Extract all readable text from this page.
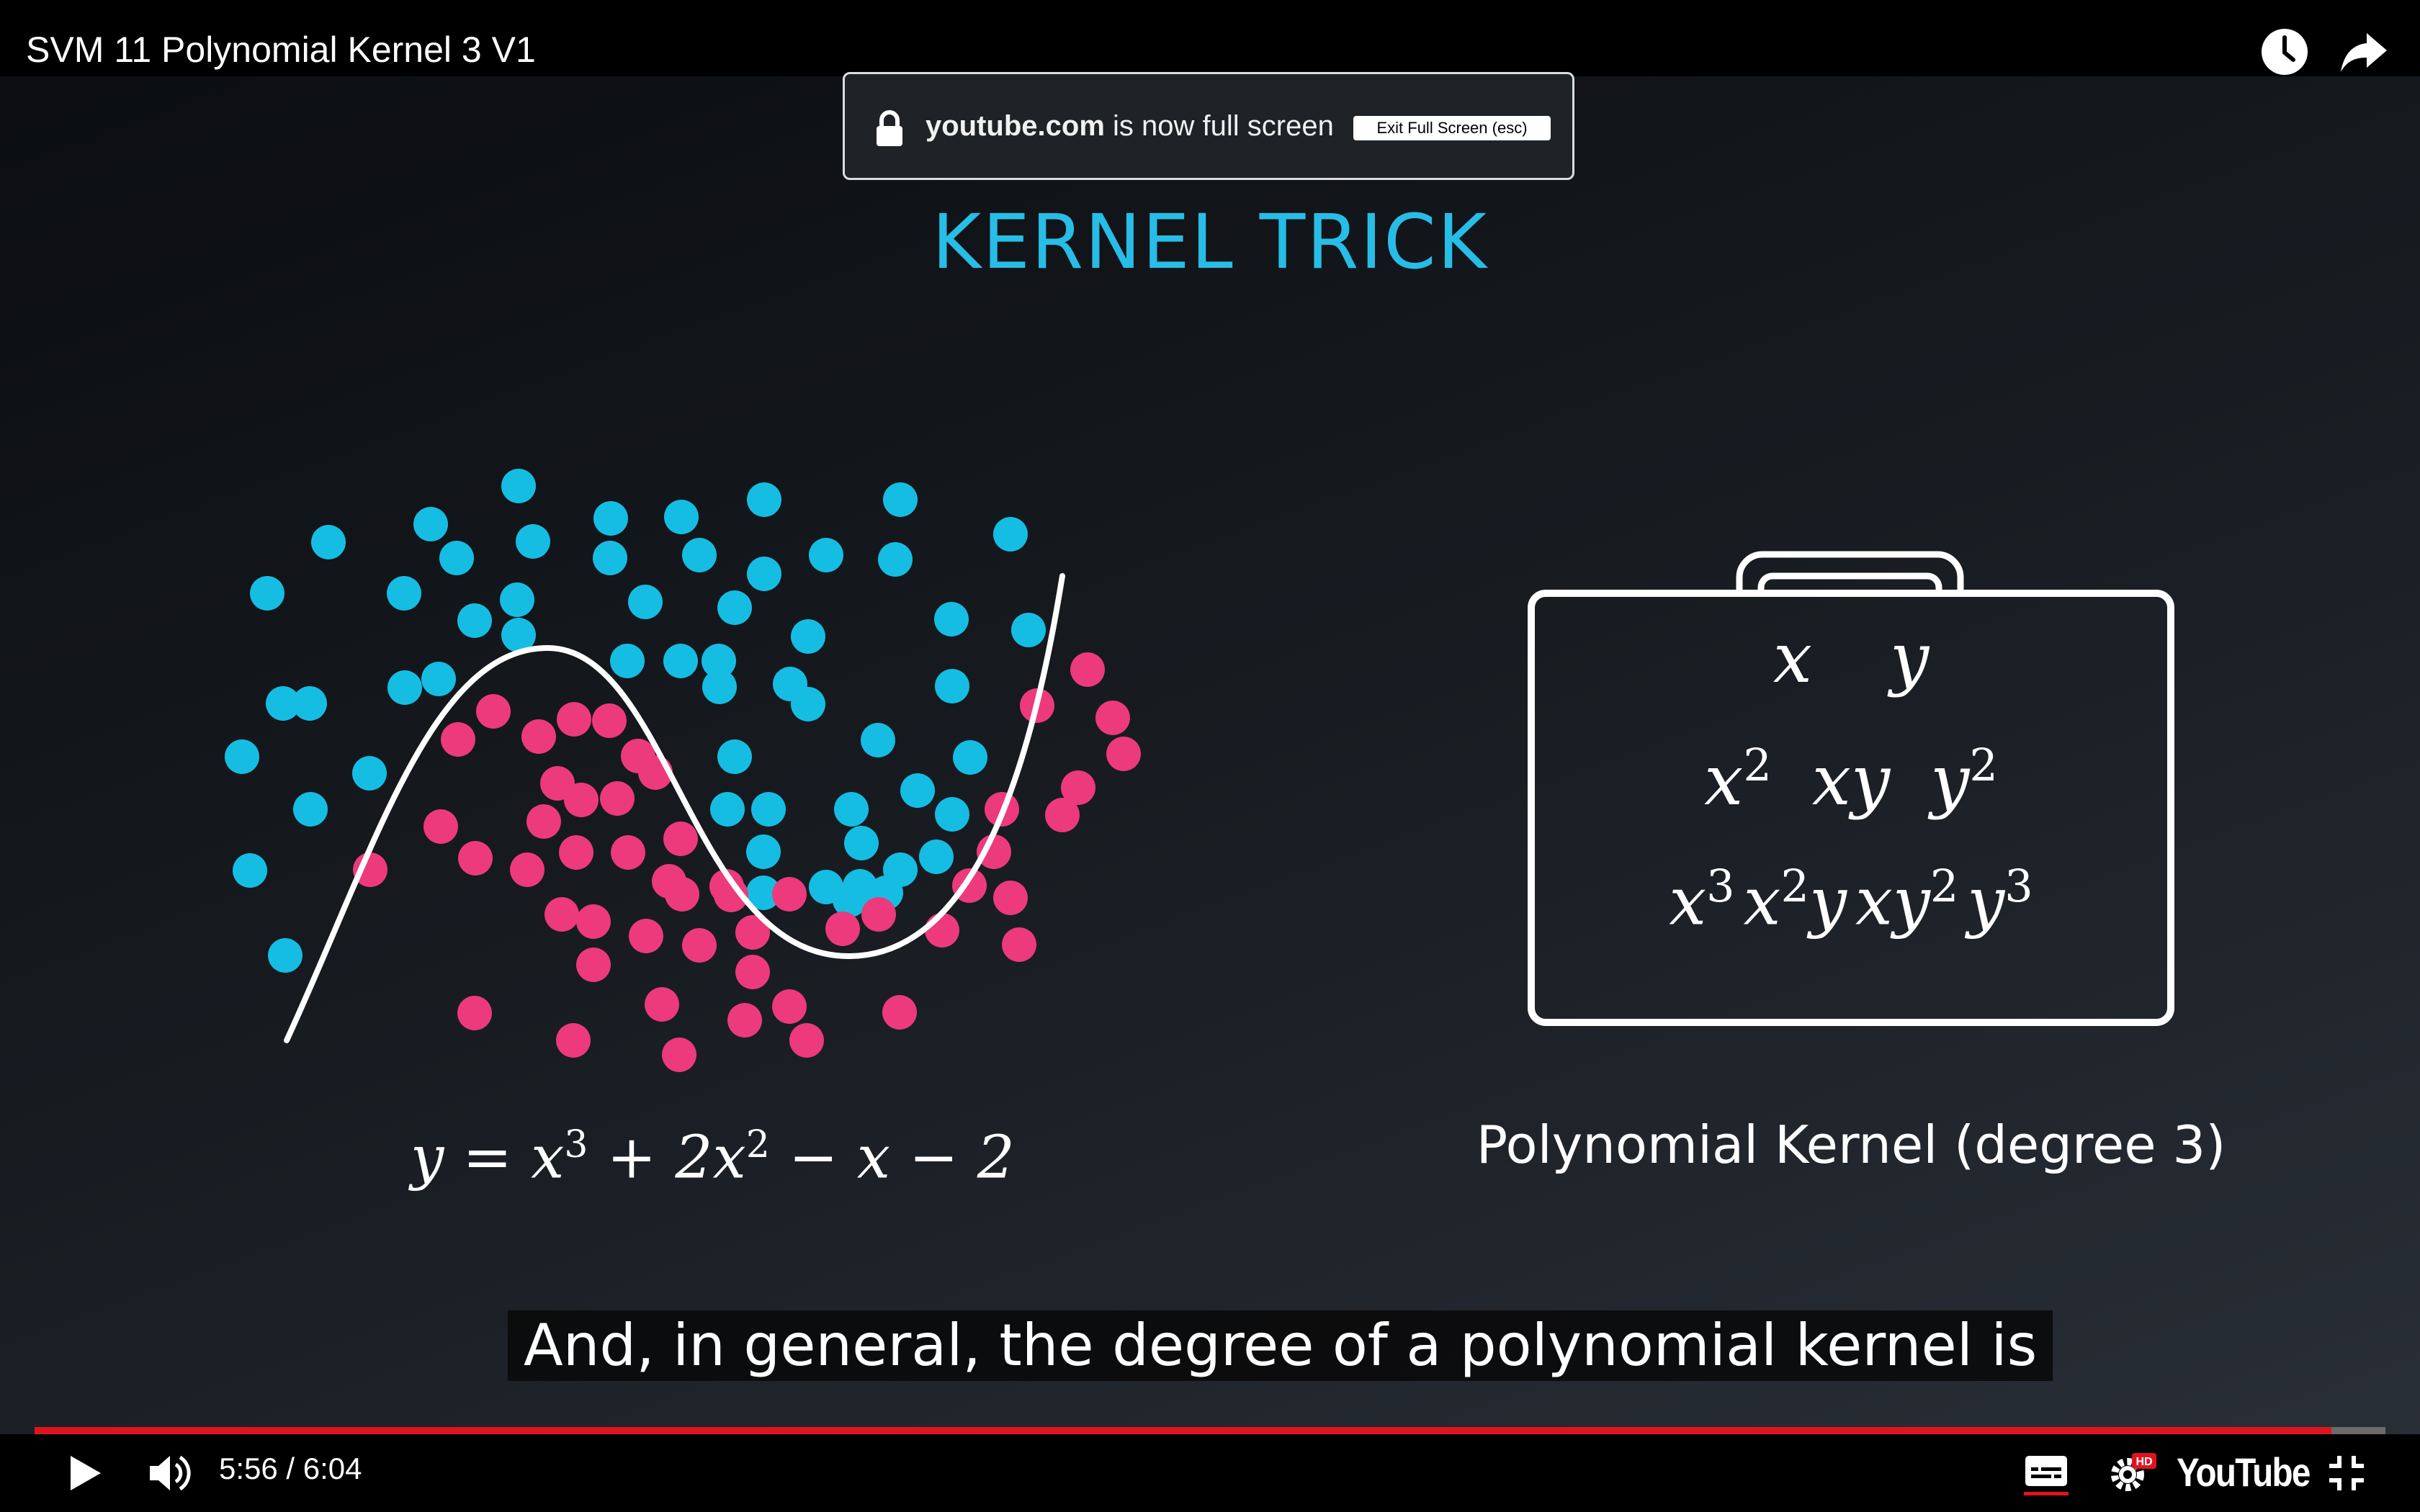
SVM 11 Polynomial Kernel 3 V1
youtube.com is now full screen	Exit Full Screen (esc)
KERNEL TRICK
$y = x^3 + 2x^2 - x - 2$
x y
$x^2$ xy $y^2$
$x^3$ $x^2y$ $xy^2$ $y^3$
Polynomial Kernel (degree 3)
And, in general, the degree of a polynomial kernel is
5:56 / 6:04	HD YouTube
